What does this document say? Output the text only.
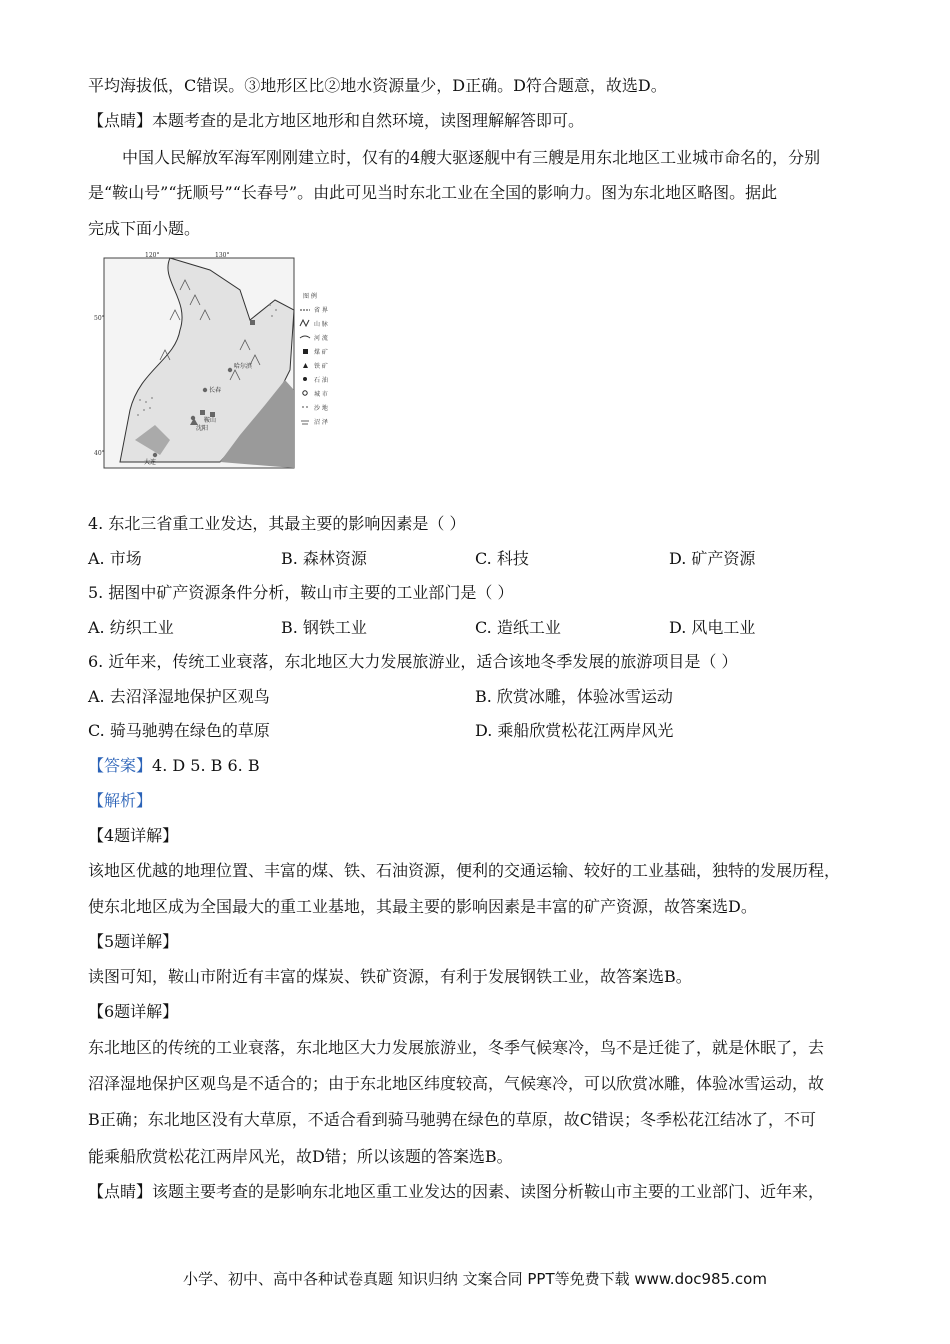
平均海拔低，C错误。③地形区比②地水资源量少，D正确。D符合题意，故选D。
【点睛】本题考查的是北方地区地形和自然环境，读图理解解答即可。
中国人民解放军海军刚刚建立时，仅有的4艘大驱逐舰中有三艘是用东北地区工业城市命名的，分别
是“鞍山号”“抚顺号”“长春号”。由此可见当时东北工业在全国的影响力。图为东北地区略图。据此
完成下面小题。
120°	130°
50°
40°
哈尔滨
长春
沈阳
大连
鞍山
图 例
省 界
山 脉
河 流
煤 矿
铁 矿
石 油
城 市
沙 地
沼 泽
4. 东北三省重工业发达，其最主要的影响因素是（ ）
A. 市场	B. 森林资源	C. 科技	D. 矿产资源
5. 据图中矿产资源条件分析，鞍山市主要的工业部门是（ ）
A. 纺织工业	B. 钢铁工业	C. 造纸工业	D. 风电工业
6. 近年来，传统工业衰落，东北地区大力发展旅游业，适合该地冬季发展的旅游项目是（ ）
A. 去沼泽湿地保护区观鸟	B. 欣赏冰雕，体验冰雪运动
C. 骑马驰骋在绿色的草原	D. 乘船欣赏松花江两岸风光
【答案】4. D 5. B 6. B
【解析】
【4题详解】
该地区优越的地理位置、丰富的煤、铁、石油资源，便利的交通运输、较好的工业基础，独特的发展历程，
使东北地区成为全国最大的重工业基地，其最主要的影响因素是丰富的矿产资源，故答案选D。
【5题详解】
读图可知，鞍山市附近有丰富的煤炭、铁矿资源，有利于发展钢铁工业，故答案选B。
【6题详解】
东北地区的传统的工业衰落，东北地区大力发展旅游业，冬季气候寒冷，鸟不是迁徙了，就是休眠了，去
沼泽湿地保护区观鸟是不适合的；由于东北地区纬度较高，气候寒冷，可以欣赏冰雕，体验冰雪运动，故
B正确；东北地区没有大草原，不适合看到骑马驰骋在绿色的草原，故C错误；冬季松花江结冰了，不可
能乘船欣赏松花江两岸风光，故D错；所以该题的答案选B。
【点睛】该题主要考查的是影响东北地区重工业发达的因素、读图分析鞍山市主要的工业部门、近年来，
小学、初中、高中各种试卷真题 知识归纳 文案合同 PPT等免费下载 www.doc985.com
